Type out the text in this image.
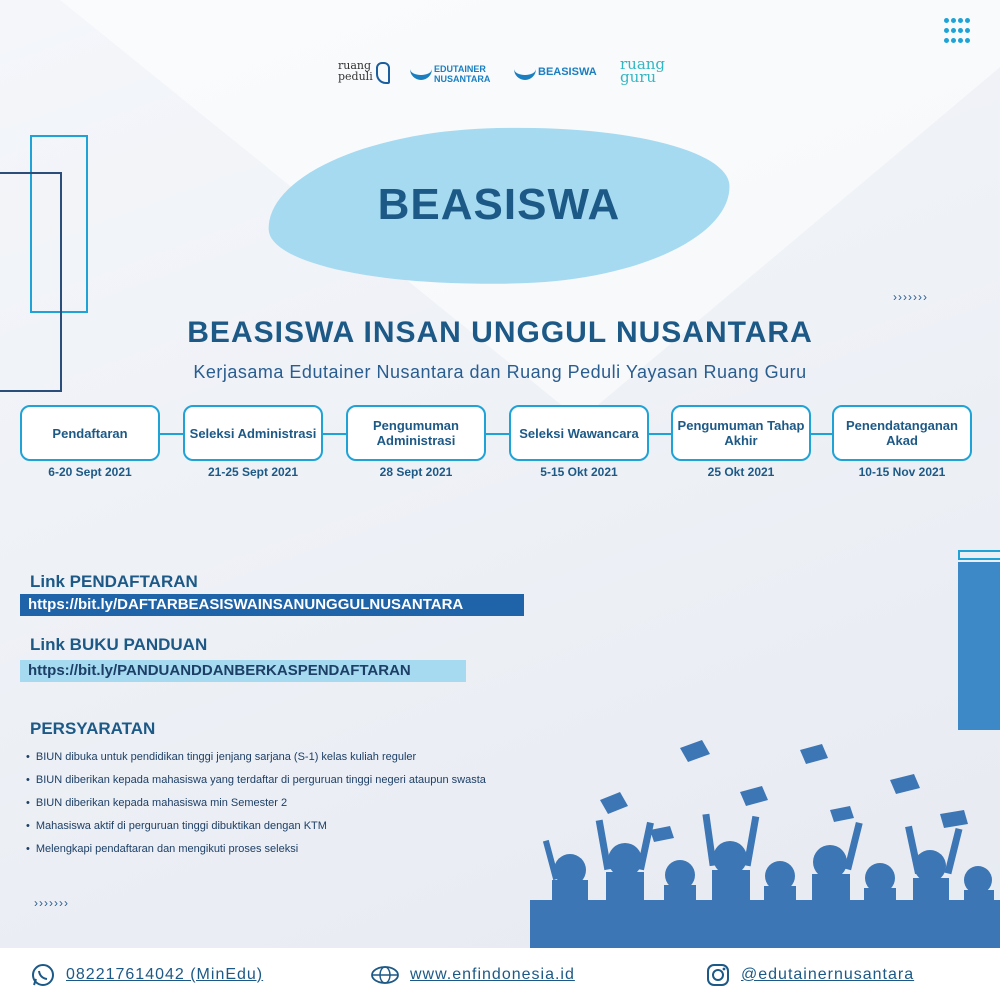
ruang peduli
EDUTAINER NUSANTARA
BEASISWA ruang guru
BEASISWA
›››››››
BEASISWA INSAN UNGGUL NUSANTARA
Kerjasama Edutainer Nusantara dan Ruang Peduli Yayasan Ruang Guru
Pendaftaran
6-20 Sept 2021
Seleksi Administrasi
21-25 Sept 2021
Pengumuman Administrasi
28 Sept 2021
Seleksi Wawancara
5-15 Okt 2021
Pengumuman Tahap Akhir
25 Okt 2021
Penendatanganan Akad
10-15 Nov 2021
Link PENDAFTARAN
https://bit.ly/DAFTARBEASISWAINSANUNGGULNUSANTARA
Link BUKU PANDUAN
https://bit.ly/PANDUANDDANBERKASPENDAFTARAN
PERSYARATAN
• BIUN dibuka untuk pendidikan tinggi jenjang sarjana (S-1) kelas kuliah reguler
• BIUN diberikan kepada mahasiswa yang terdaftar di perguruan tinggi negeri ataupun swasta
• BIUN diberikan kepada mahasiswa min Semester 2
• Mahasiswa aktif di perguruan tinggi dibuktikan dengan KTM
• Melengkapi pendaftaran dan mengikuti proses seleksi
›››››››
082217614042 (MinEdu)	www.enfindonesia.id	@edutainernusantara
